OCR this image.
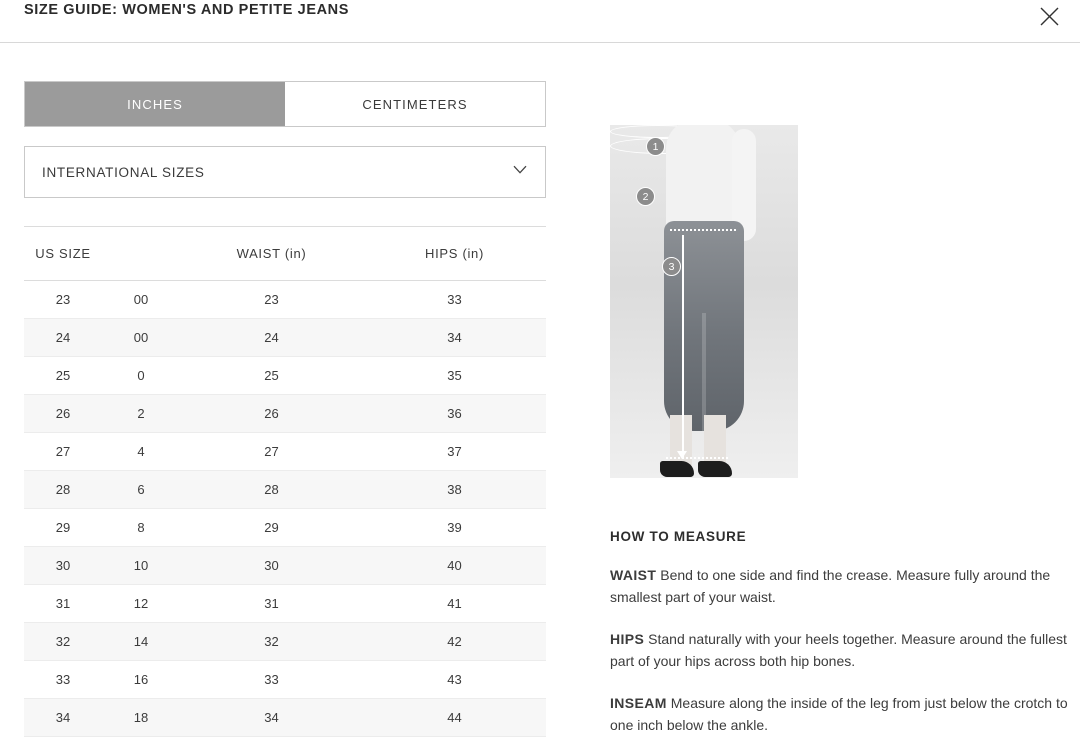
SIZE GUIDE: WOMEN'S AND PETITE JEANS
INCHES	CENTIMETERS
INTERNATIONAL SIZES
US SIZE		WAIST (in)	HIPS (in)
23	00	23	33
24	00	24	34
25	0	25	35
26	2	26	36
27	4	27	37
28	6	28	38
29	8	29	39
30	10	30	40
31	12	31	41
32	14	32	42
33	16	33	43
34	18	34	44
1
2
3
HOW TO MEASURE

WAIST Bend to one side and find the crease. Measure fully around the smallest part of your waist.

HIPS Stand naturally with your heels together. Measure around the fullest part of your hips across both hip bones.

INSEAM Measure along the inside of the leg from just below the crotch to one inch below the ankle.
